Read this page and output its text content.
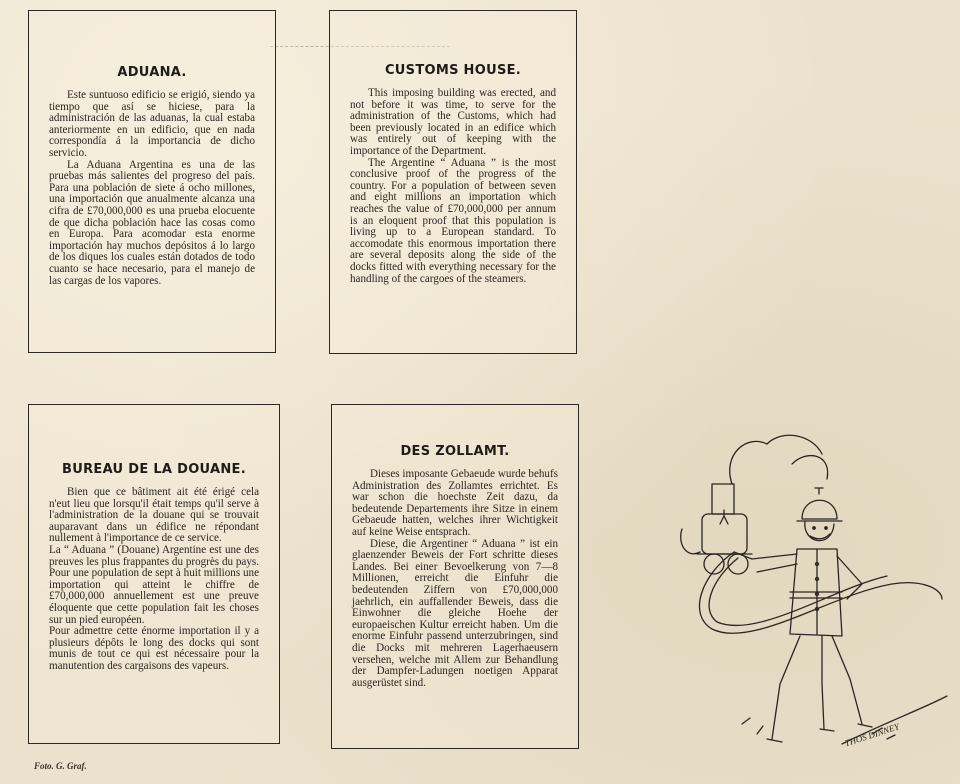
ADUANA.

Este suntuoso edificio se erigió, siendo ya tiempo que así se hiciese, para la administración de las aduanas, la cual estaba anteriormente en un edificio, que en nada correspondía á la importancia de dicho servicio.

La Aduana Argentina es una de las pruebas más salientes del progreso del país. Para una población de siete á ocho millones, una importación que anualmente alcanza una cifra de £70,000,000 es una prueba elocuente de que dicha población hace las cosas como en Europa. Para acomodar esta enorme importación hay muchos depósitos á lo largo de los diques los cuales están dotados de todo cuanto se hace necesario, para el manejo de las cargas de los vapores.

CUSTOMS HOUSE.

This imposing building was erected, and not before it was time, to serve for the administration of the Customs, which had been previously located in an edifice which was entirely out of keeping with the importance of the Department.

The Argentine “ Aduana ” is the most conclusive proof of the progress of the country. For a population of between seven and eight millions an importation which reaches the value of £70,000,000 per annum is an eloquent proof that this population is living up to a European standard. To accomodate this enormous importation there are several deposits along the side of the docks fitted with everything necessary for the handling of the cargoes of the steamers.

BUREAU DE LA DOUANE.

Bien que ce bâtiment ait été érigé cela n'eut lieu que lorsqu'il était temps qu'il serve à l'administration de la douane qui se trouvait auparavant dans un édifice ne répondant nullement à l'importance de ce service.

La “ Aduana ” (Douane) Argentine est une des preuves les plus frappantes du progrès du pays. Pour une population de sept à huit millions une importation qui atteint le chiffre de £70,000,000 annuellement est une preuve éloquente que cette population fait les choses sur un pied européen.

Pour admettre cette énorme importation il y a plusieurs dépôts le long des docks qui sont munis de tout ce qui est nécessaire pour la manutention des cargaisons des vapeurs.

DES ZOLLAMT.

Dieses imposante Gebaeude wurde behufs Administration des Zollamtes errichtet. Es war schon die hoechste Zeit dazu, da bedeutende Departements ihre Sitze in einem Gebaeude hatten, welches ihrer Wichtigkeit auf keine Weise entsprach.

Diese, die Argentiner “ Aduana ” ist ein glaenzender Beweis der Fort schritte dieses Landes. Bei einer Bevoelkerung von 7—8 Millionen, erreicht die Einfuhr die bedeutenden Ziffern von £70,000,000 jaehrlich, ein auffallender Beweis, dass die Einwohner die gleiche Hoehe der europaeischen Kultur erreicht haben. Um die enorme Einfuhr passend unterzubringen, sind die Docks mit mehreren Lagerhaeusern versehen, welche mit Allem zur Behandlung der Dampfer-Ladungen noetigen Apparat ausgerüstet sind.

Foto. G. Graf.
THOS DINNEY
